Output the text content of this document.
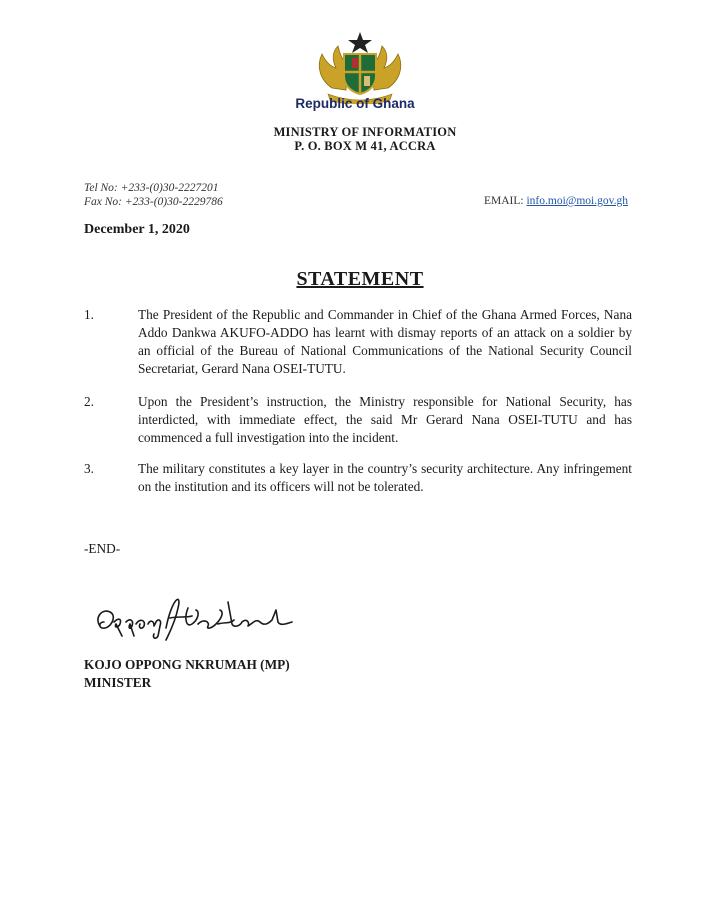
Republic of Ghana
MINISTRY OF INFORMATION
P. O. BOX M 41, ACCRA
Tel No: +233-(0)30-2227201
Fax No: +233-(0)30-2229786	EMAIL: info.moi@moi.gov.gh
December 1, 2020
STATEMENT
1.	The President of the Republic and Commander in Chief of the Ghana Armed Forces, Nana Addo Dankwa AKUFO-ADDO has learnt with dismay reports of an attack on a soldier by an official of the Bureau of National Communications of the National Security Council Secretariat, Gerard Nana OSEI-TUTU.
2.	Upon the President’s instruction, the Ministry responsible for National Security, has interdicted, with immediate effect, the said Mr Gerard Nana OSEI-TUTU and has commenced a full investigation into the incident.
3.	The military constitutes a key layer in the country’s security architecture. Any infringement on the institution and its officers will not be tolerated.
-END-
KOJO OPPONG NKRUMAH (MP)
MINISTER
